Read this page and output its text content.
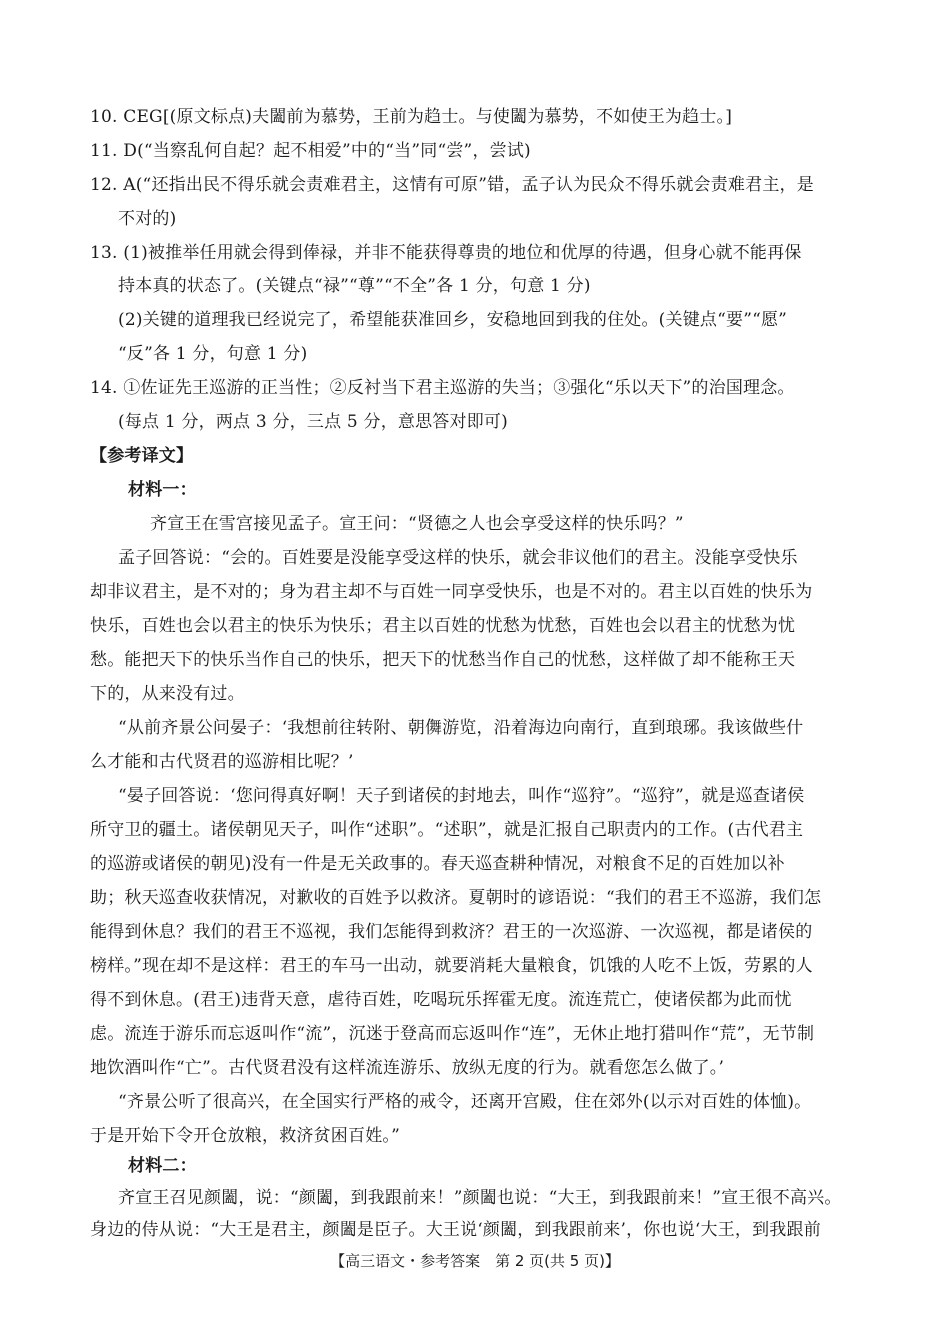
10. CEG[(原文标点)夫闔前为慕势，王前为趋士。与使闔为慕势，不如使王为趋士。]
11. D(“当察乱何自起？起不相爱”中的“当”同“尝”，尝试)
12. A(“还指出民不得乐就会责难君主，这情有可原”错，孟子认为民众不得乐就会责难君主，是
不对的)
13. (1)被推举任用就会得到俸禄，并非不能获得尊贵的地位和优厚的待遇，但身心就不能再保
持本真的状态了。(关键点“禄”“尊”“不全”各 1 分，句意 1 分)
(2)关键的道理我已经说完了，希望能获准回乡，安稳地回到我的住处。(关键点“要”“愿”
“反”各 1 分，句意 1 分)
14. ①佐证先王巡游的正当性；②反衬当下君主巡游的失当；③强化“乐以天下”的治国理念。
(每点 1 分，两点 3 分，三点 5 分，意思答对即可)
【参考译文】
材料一：
齐宣王在雪宫接见孟子。宣王问：“贤德之人也会享受这样的快乐吗？”
孟子回答说：“会的。百姓要是没能享受这样的快乐，就会非议他们的君主。没能享受快乐
却非议君主，是不对的；身为君主却不与百姓一同享受快乐，也是不对的。君主以百姓的快乐为
快乐，百姓也会以君主的快乐为快乐；君主以百姓的忧愁为忧愁，百姓也会以君主的忧愁为忧
愁。能把天下的快乐当作自己的快乐，把天下的忧愁当作自己的忧愁，这样做了却不能称王天
下的，从来没有过。
“从前齐景公问晏子：‘我想前往转附、朝儛游览，沿着海边向南行，直到琅琊。我该做些什
么才能和古代贤君的巡游相比呢？’
“晏子回答说：‘您问得真好啊！天子到诸侯的封地去，叫作“巡狩”。“巡狩”，就是巡查诸侯
所守卫的疆土。诸侯朝见天子，叫作“述职”。“述职”，就是汇报自己职责内的工作。(古代君主
的巡游或诸侯的朝见)没有一件是无关政事的。春天巡查耕种情况，对粮食不足的百姓加以补
助；秋天巡查收获情况，对歉收的百姓予以救济。夏朝时的谚语说：“我们的君王不巡游，我们怎
能得到休息？我们的君王不巡视，我们怎能得到救济？君王的一次巡游、一次巡视，都是诸侯的
榜样。”现在却不是这样：君王的车马一出动，就要消耗大量粮食，饥饿的人吃不上饭，劳累的人
得不到休息。(君王)违背天意，虐待百姓，吃喝玩乐挥霍无度。流连荒亡，使诸侯都为此而忧
虑。流连于游乐而忘返叫作“流”，沉迷于登高而忘返叫作“连”，无休止地打猎叫作“荒”，无节制
地饮酒叫作“亡”。古代贤君没有这样流连游乐、放纵无度的行为。就看您怎么做了。’
“齐景公听了很高兴，在全国实行严格的戒令，还离开宫殿，住在郊外(以示对百姓的体恤)。
于是开始下令开仓放粮，救济贫困百姓。”
材料二：
齐宣王召见颜闔，说：“颜闔，到我跟前来！”颜闔也说：“大王，到我跟前来！”宣王很不高兴。
身边的侍从说：“大王是君主，颜闔是臣子。大王说‘颜闔，到我跟前来’，你也说‘大王，到我跟前
【高三语文・参考答案　第 2 页(共 5 页)】
